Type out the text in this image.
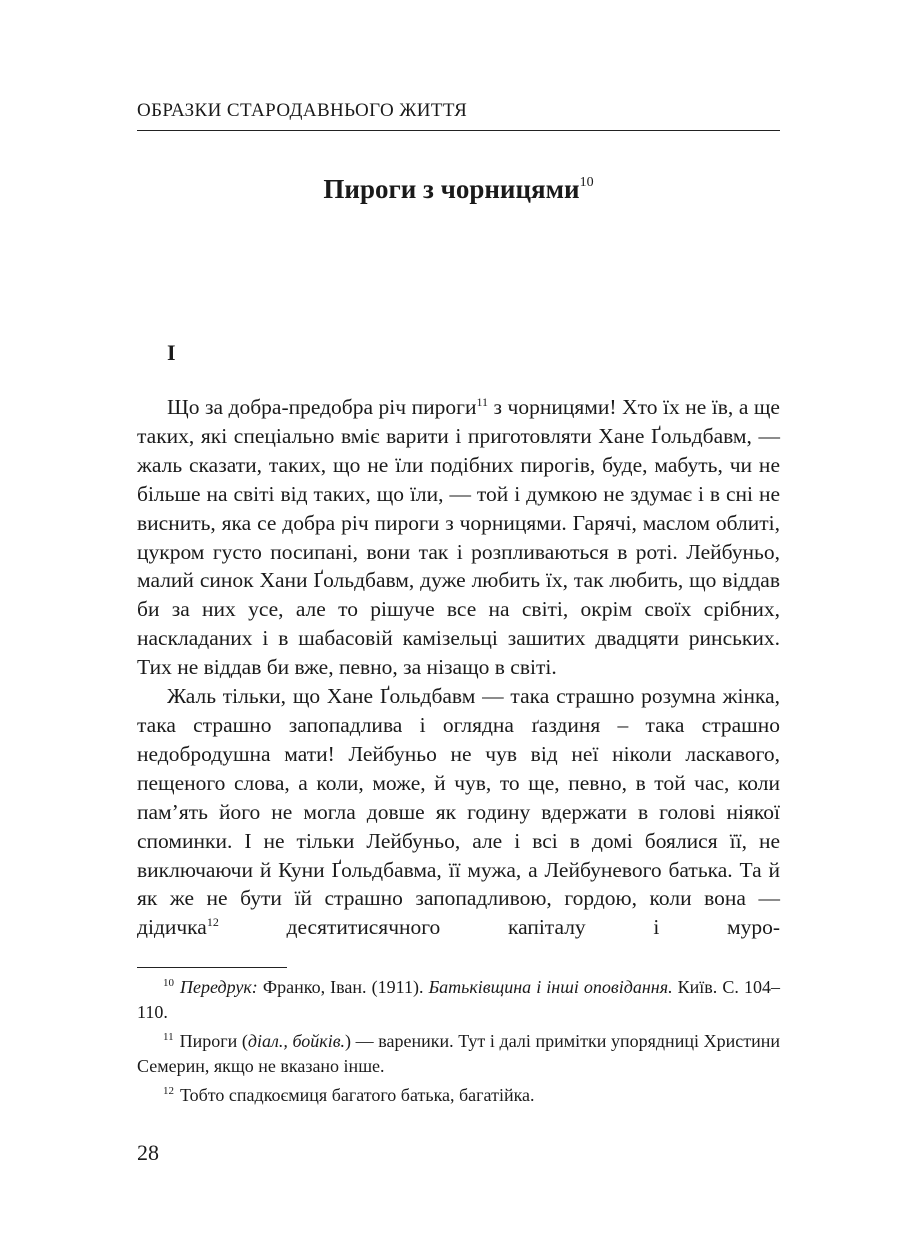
ОБРАЗКИ СТАРОДАВНЬОГО ЖИТТЯ
Пироги з чорницями$^{10}$
I

Що за добра-предобра річ пироги$^{11}$ з чорницями! Хто їх не їв, а ще таких, які спеціально вміє варити і приготовляти Хане Ґольдбавм, — жаль сказати, таких, що не їли подібних пирогів, буде, мабуть, чи не більше на світі від таких, що їли, — той і думкою не здумає і в сні не виснить, яка се добра річ пироги з чорницями. Гарячі, маслом облиті, цукром густо посипані, вони так і розпливаються в роті. Лейбуньо, малий синок Хани Ґольдбавм, дуже любить їх, так любить, що віддав би за них усе, але то рішуче все на світі, окрім своїх срібних, наскладаних і в шабасовій камізельці зашитих двадцяти ринських. Тих не віддав би вже, певно, за нізащо в світі.

Жаль тільки, що Хане Ґольдбавм — така страшно розумна жінка, така страшно запопадлива і оглядна ґаздиня – така страшно недобродушна мати! Лейбуньо не чув від неї ніколи ласкавого, пещеного слова, а коли, може, й чув, то ще, певно, в той час, коли пам’ять його не могла довше як годину вдержати в голові ніякої споминки. І не тільки Лейбуньо, але і всі в домі боялися її, не виключаючи й Куни Ґольдбавма, її мужа, а Лейбуневого батька. Та й як же не бути їй страшно запопадливою, гордою, коли вона — дідичка$^{12}$ десятитисячного капіталу і муро-

$^{10}$ Передрук: Франко, Іван. (1911). Батьківщина і інші оповідання. Київ. С. 104–110.

$^{11}$ Пироги (діал., бойків.) — вареники. Тут і далі примітки упорядниці Христини Семерин, якщо не вказано інше.

$^{12}$ Тобто спадкоємиця багатого батька, багатійка.

28
